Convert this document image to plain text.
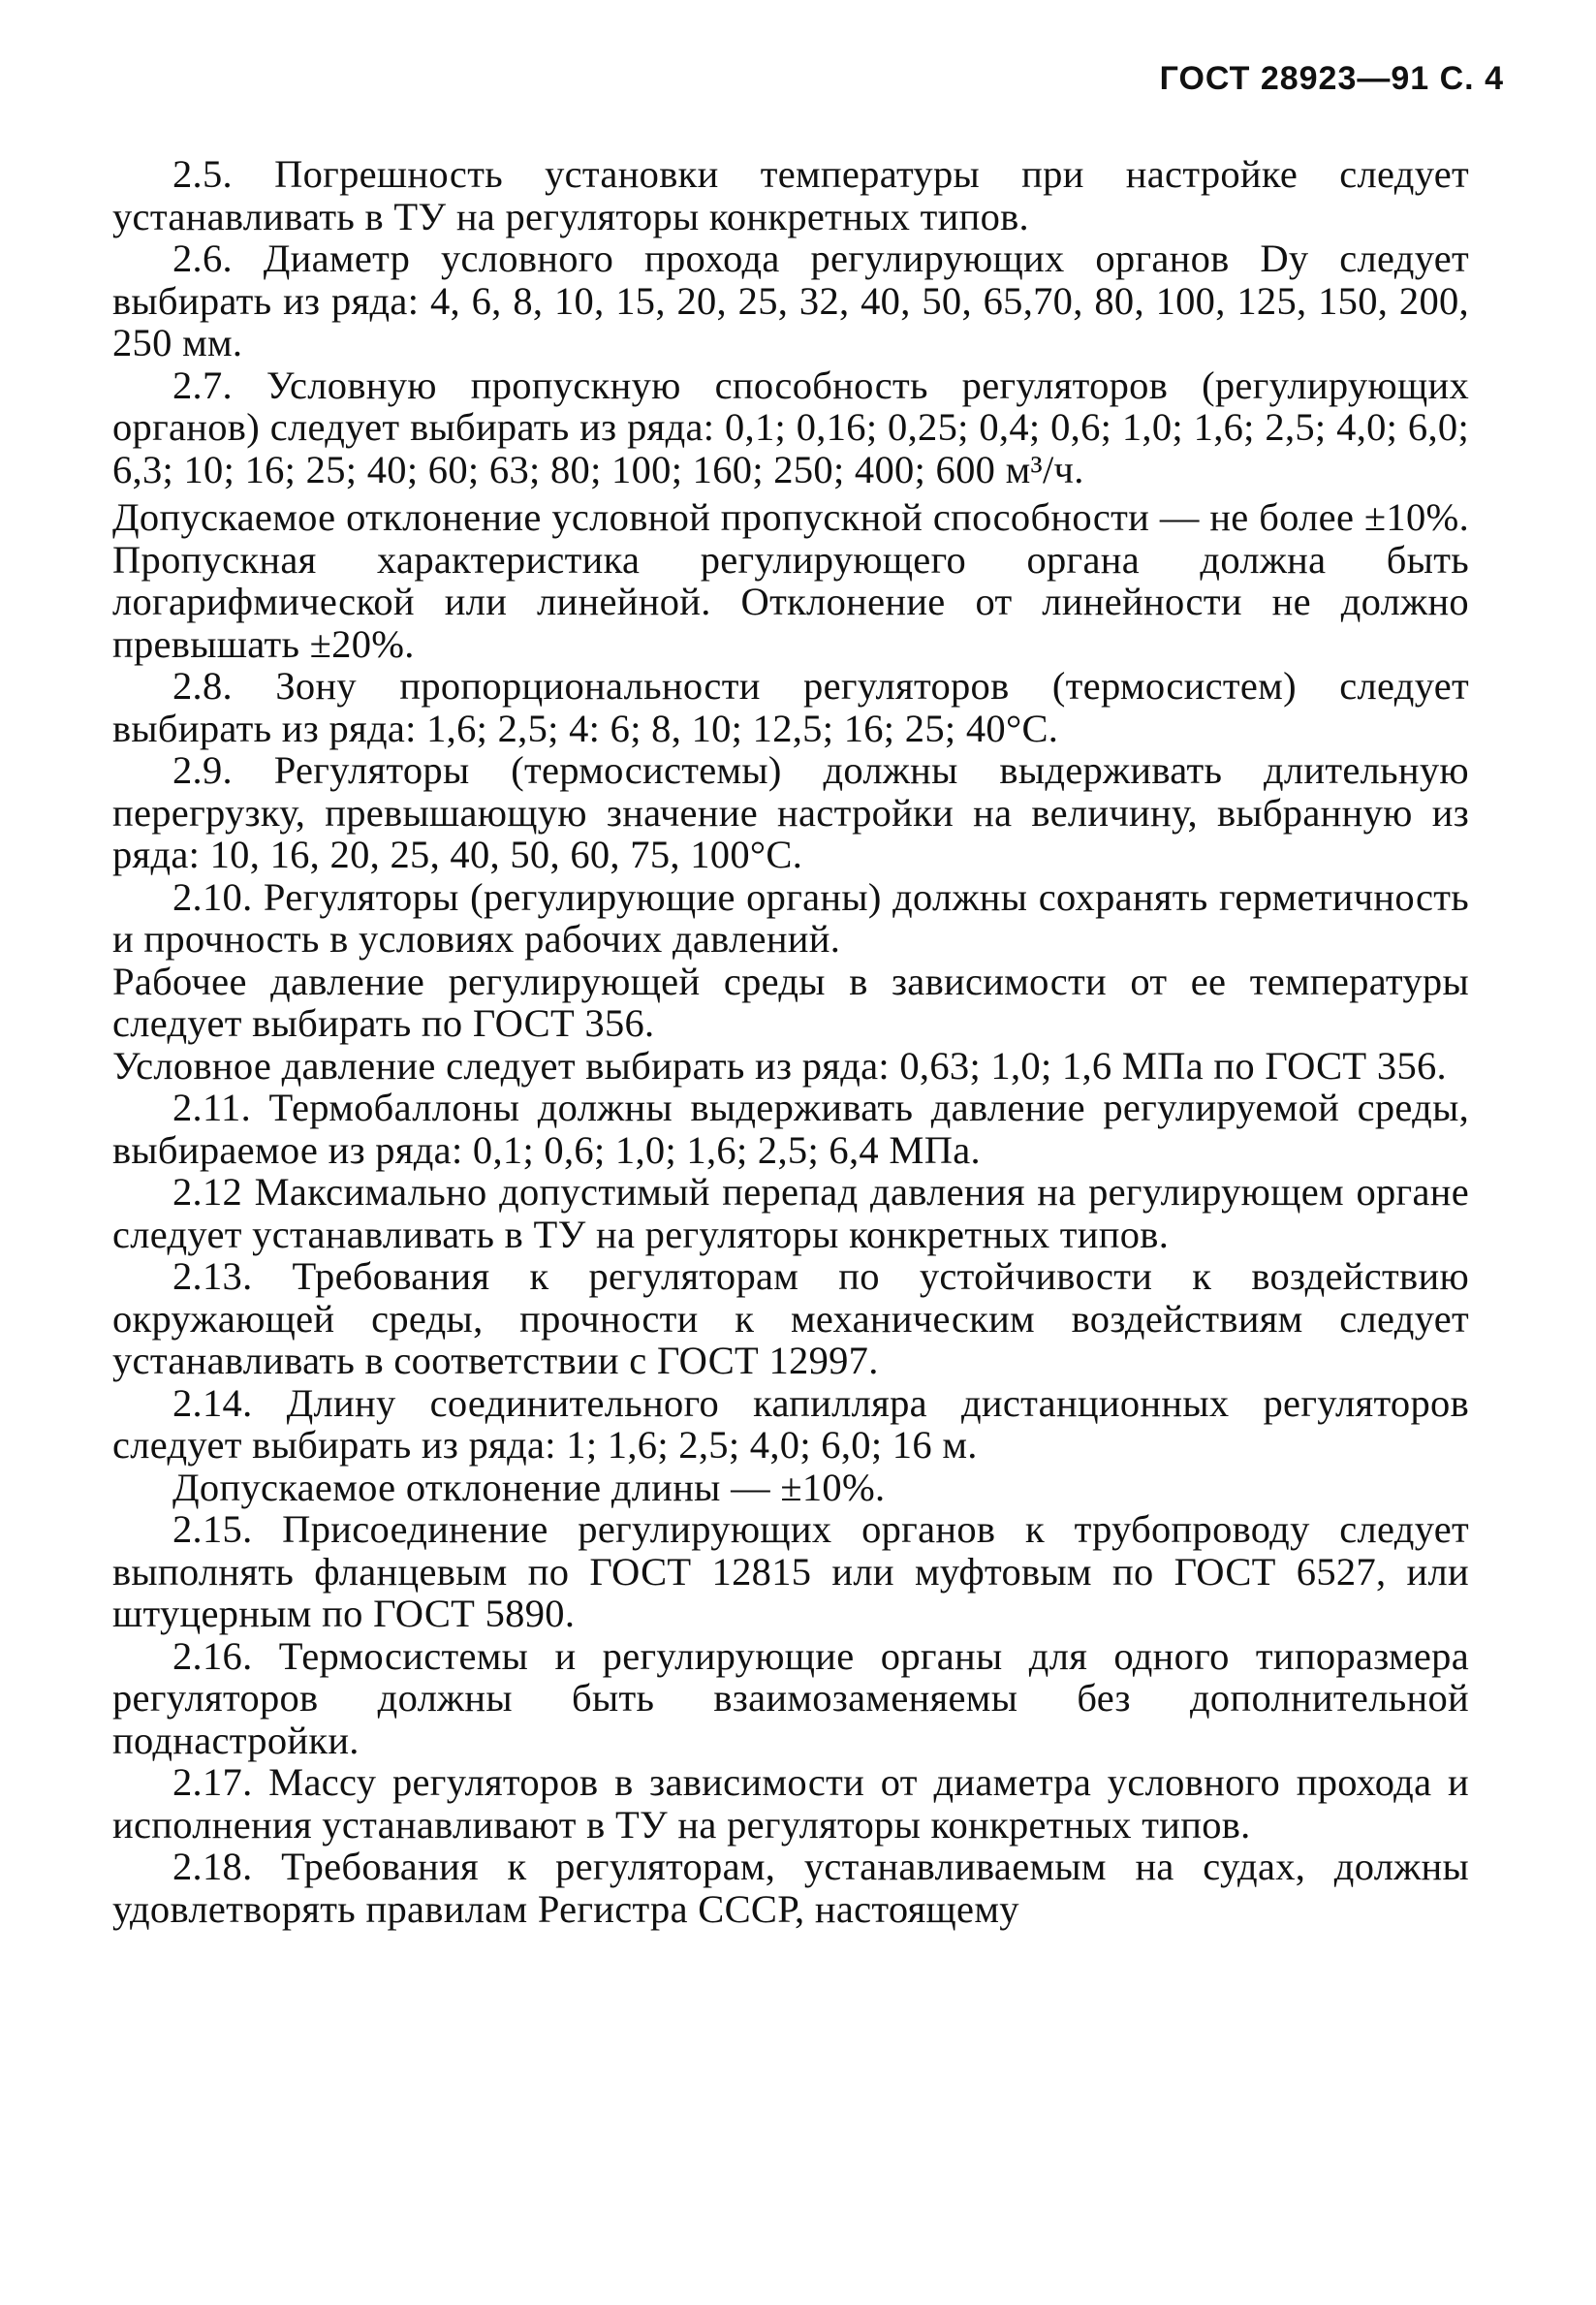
ГОСТ 28923—91 С. 4

2.5. Погрешность установки температуры при настройке следует устанавливать в ТУ на регуляторы конкретных типов.

2.6. Диаметр условного прохода регулирующих органов Dy следует выбирать из ряда: 4, 6, 8, 10, 15, 20, 25, 32, 40, 50, 65,70, 80, 100, 125, 150, 200, 250 мм.

2.7. Условную пропускную способность регуляторов (регулирующих органов) следует выбирать из ряда: 0,1; 0,16; 0,25; 0,4; 0,6; 1,0; 1,6; 2,5; 4,0; 6,0; 6,3; 10; 16; 25; 40; 60; 63; 80; 100; 160; 250; 400; 600 м³/ч.

Допускаемое отклонение условной пропускной способности — не более ±10%. Пропускная характеристика регулирующего органа должна быть логарифмической или линейной. Отклонение от линейности не должно превышать ±20%.

2.8. Зону пропорциональности регуляторов (термосистем) следует выбирать из ряда: 1,6; 2,5; 4: 6; 8, 10; 12,5; 16; 25; 40°С.

2.9. Регуляторы (термосистемы) должны выдерживать длительную перегрузку, превышающую значение настройки на величину, выбранную из ряда: 10, 16, 20, 25, 40, 50, 60, 75, 100°С.

2.10. Регуляторы (регулирующие органы) должны сохранять герметичность и прочность в условиях рабочих давлений.

Рабочее давление регулирующей среды в зависимости от ее температуры следует выбирать по ГОСТ 356.

Условное давление следует выбирать из ряда: 0,63; 1,0; 1,6 МПа по ГОСТ 356.

2.11. Термобаллоны должны выдерживать давление регулируемой среды, выбираемое из ряда: 0,1; 0,6; 1,0; 1,6; 2,5; 6,4 МПа.

2.12 Максимально допустимый перепад давления на регулирующем органе следует устанавливать в ТУ на регуляторы конкретных типов.

2.13. Требования к регуляторам по устойчивости к воздействию окружающей среды, прочности к механическим воздействиям следует устанавливать в соответствии с ГОСТ 12997.

2.14. Длину соединительного капилляра дистанционных регуляторов следует выбирать из ряда: 1; 1,6; 2,5; 4,0; 6,0; 16 м.

Допускаемое отклонение длины — ±10%.

2.15. Присоединение регулирующих органов к трубопроводу следует выполнять фланцевым по ГОСТ 12815 или муфтовым по ГОСТ 6527, или штуцерным по ГОСТ 5890.

2.16. Термосистемы и регулирующие органы для одного типоразмера регуляторов должны быть взаимозаменяемы без дополнительной поднастройки.

2.17. Массу регуляторов в зависимости от диаметра условного прохода и исполнения устанавливают в ТУ на регуляторы конкретных типов.

2.18. Требования к регуляторам, устанавливаемым на судах, должны удовлетворять правилам Регистра СССР, настоящему
